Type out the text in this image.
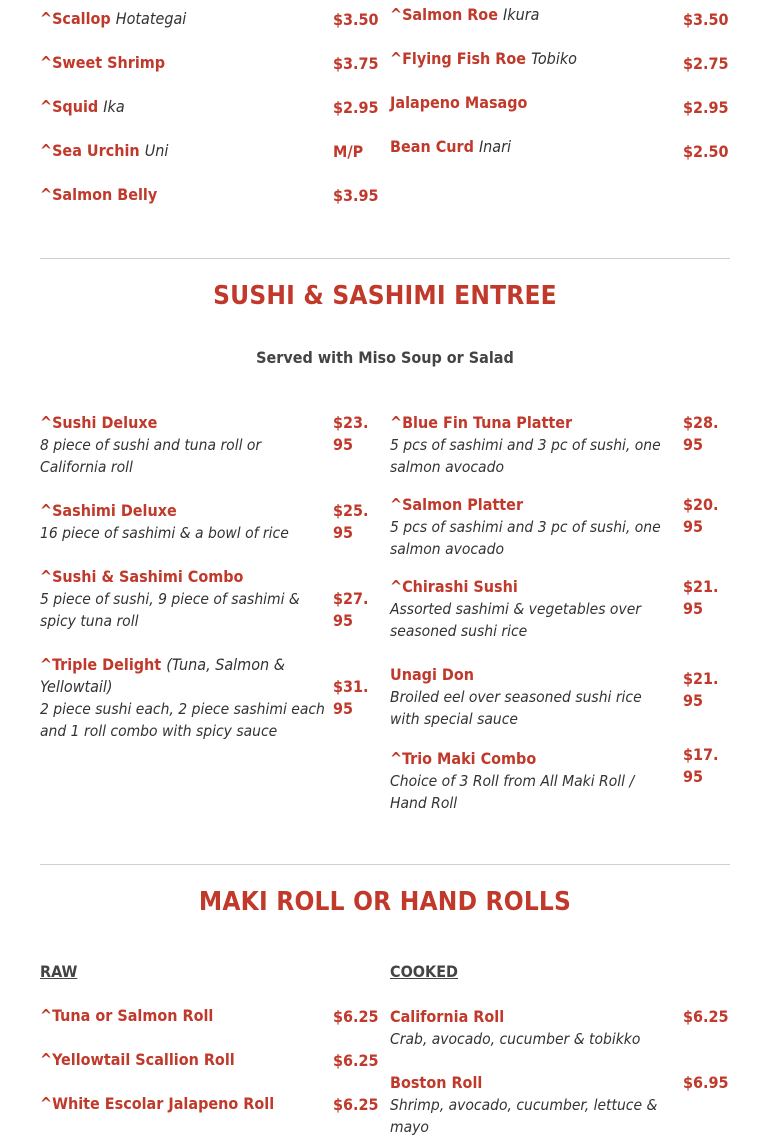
^Scallop Hotategai	$3.50
^Sweet Shrimp	$3.75
^Squid Ika	$2.95
^Sea Urchin Uni	M/P
^Salmon Belly	$3.95
^Salmon Roe Ikura	$3.50
^Flying Fish Roe Tobiko	$2.75
Jalapeno Masago	$2.95
Bean Curd Inari	$2.50
SUSHI & SASHIMI ENTREE
Served with Miso Soup or Salad
^Sushi Deluxe
8 piece of sushi and tuna roll or California roll
$23.95
^Sashimi Deluxe
16 piece of sashimi & a bowl of rice
$25.95
^Sushi & Sashimi Combo
5 piece of sushi, 9 piece of sashimi & spicy tuna roll
$27.95
^Triple Delight (Tuna, Salmon & Yellowtail)
2 piece sushi each, 2 piece sashimi each and 1 roll combo with spicy sauce
$31.95
^Blue Fin Tuna Platter
5 pcs of sashimi and 3 pc of sushi, one salmon avocado
$28.95
^Salmon Platter
5 pcs of sashimi and 3 pc of sushi, one salmon avocado
$20.95
^Chirashi Sushi
Assorted sashimi & vegetables over seasoned sushi rice
$21.95
Unagi Don
Broiled eel over seasoned sushi rice with special sauce
$21.95
^Trio Maki Combo
Choice of 3 Roll from All Maki Roll / Hand Roll
$17.95
MAKI ROLL OR HAND ROLLS
RAW	COOKED
^Tuna or Salmon Roll	$6.25
^Yellowtail Scallion Roll	$6.25
^White Escolar Jalapeno Roll	$6.25
California Roll
Crab, avocado, cucumber & tobikko
$6.25
Boston Roll
Shrimp, avocado, cucumber, lettuce & mayo
$6.95
